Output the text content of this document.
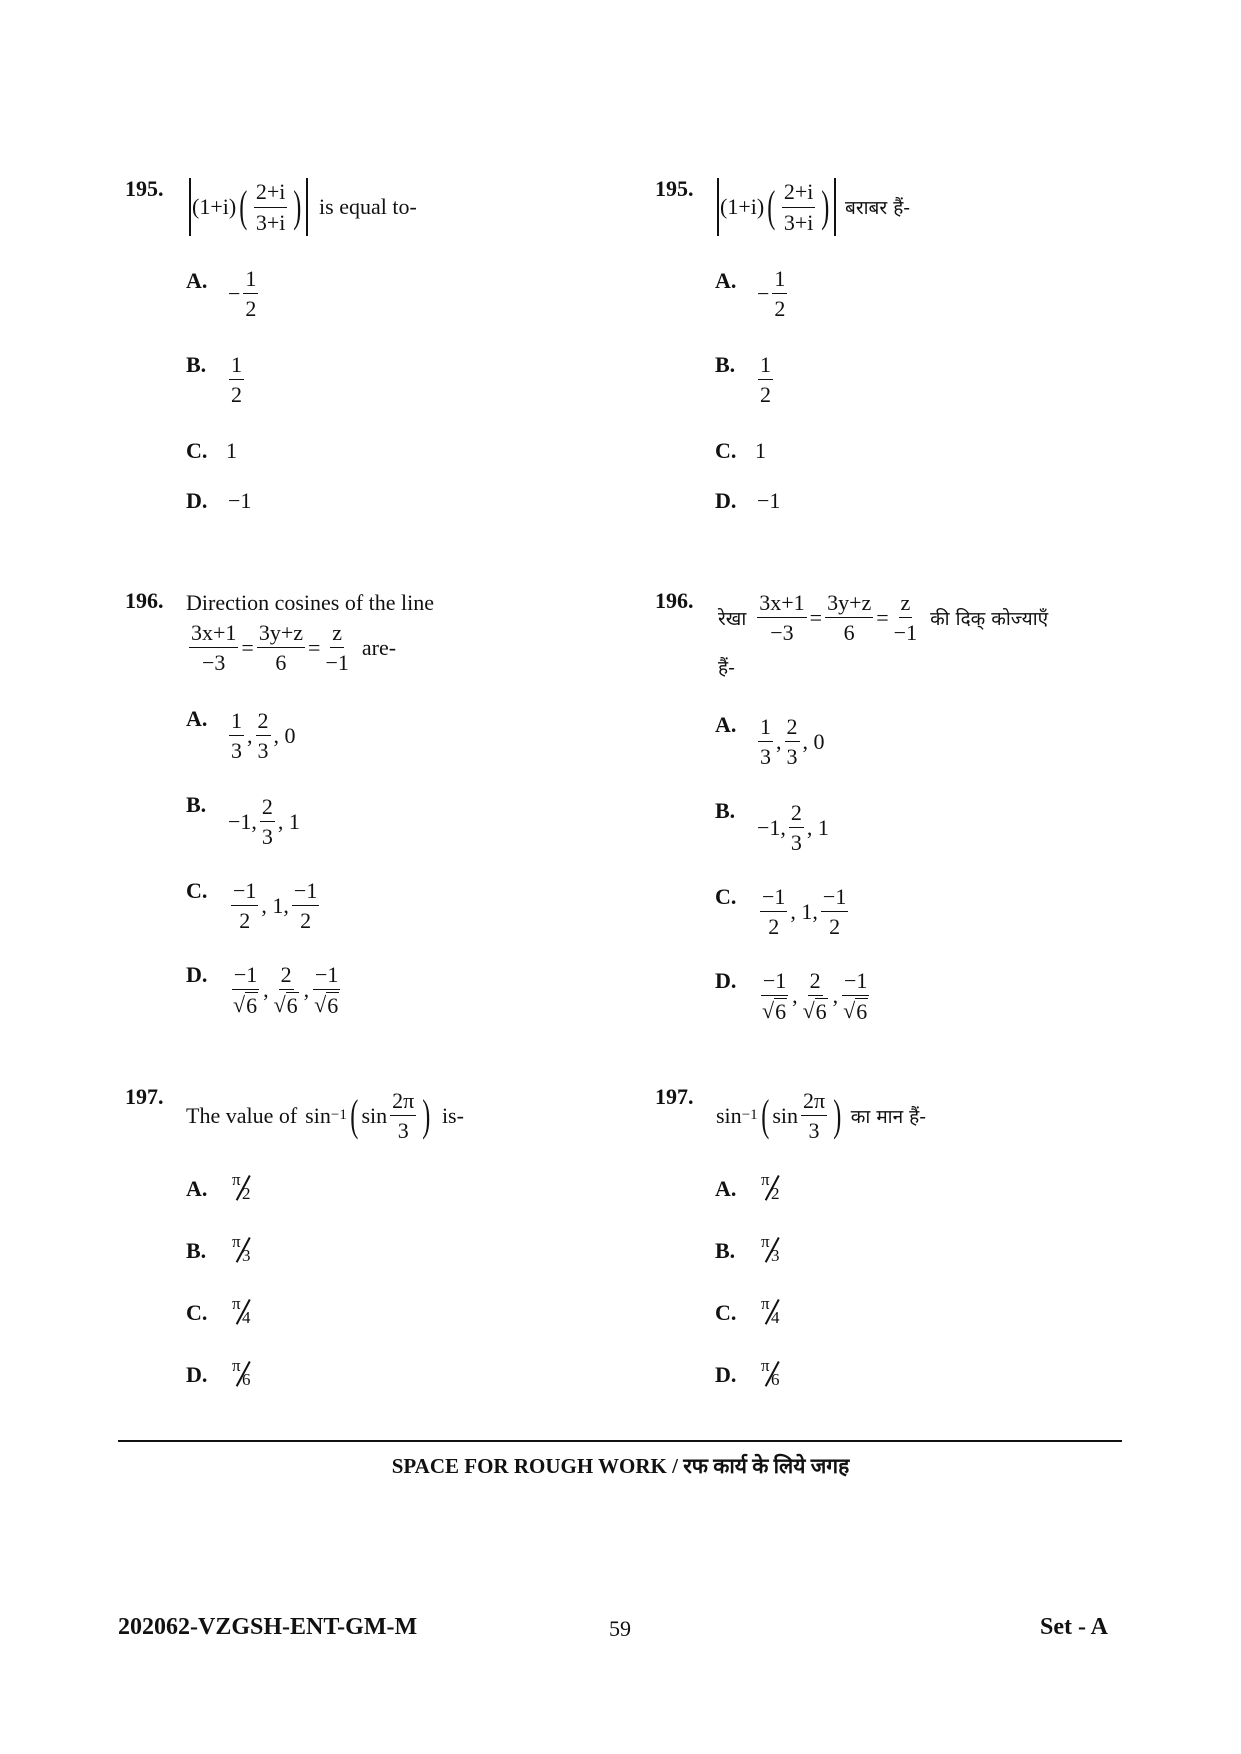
195.
(1+i) ( $\frac{2+i}{3+i}$ ) is equal to-
A.
− $\frac{1}{2}$
B. $\frac{1}{2}$
C. 1
D. −1
195.
(1+i) ( $\frac{2+i}{3+i}$ ) बराबर हैं-
A.
− $\frac{1}{2}$
B. $\frac{1}{2}$
C. 1
D. −1
196. Direction cosines of the line
$\frac{3x+1}{-3} = \frac{3y+z}{6} = \frac{z}{-1} are-$
A. $\frac{1}{3}$ , $\frac{2}{3}$ , 0
B.
−1, $\frac{2}{3}$ , 1
C. $\frac{-1}{2}$ , 1, $\frac{-1}{2}$
D. $\frac{-1}{√ 6}$ , $\frac{2}{√ 6}$ , $\frac{-1}{√ 6}$
196.
रेखा $\frac{3x+1}{-3} = \frac{3y+z}{6} = \frac{z}{-1}$ की दिक् कोज्याएँ
हैं-
A. $\frac{1}{3}$ , $\frac{2}{3}$ , 0
B.
−1, $\frac{2}{3}$ , 1
C. $\frac{-1}{2}$ , 1, $\frac{-1}{2}$
D. $\frac{-1}{√ 6}$ , $\frac{2}{√ 6}$ , $\frac{-1}{√ 6}$
197.
The value of sin −1 ( $\sin \frac{2\pi}{3}$ ) is-
A. π
2
B. π
3
C. π
4
D. π
6
197.
sin −1 ( $\sin \frac{2\pi}{3}$ ) का मान हैं-
A. π
2
B. π
3
C. π
4
D. π
6
SPACE FOR ROUGH WORK / रफ कार्य के लिये जगह
202062-VZGSH-ENT-GM-M	59	Set - A
